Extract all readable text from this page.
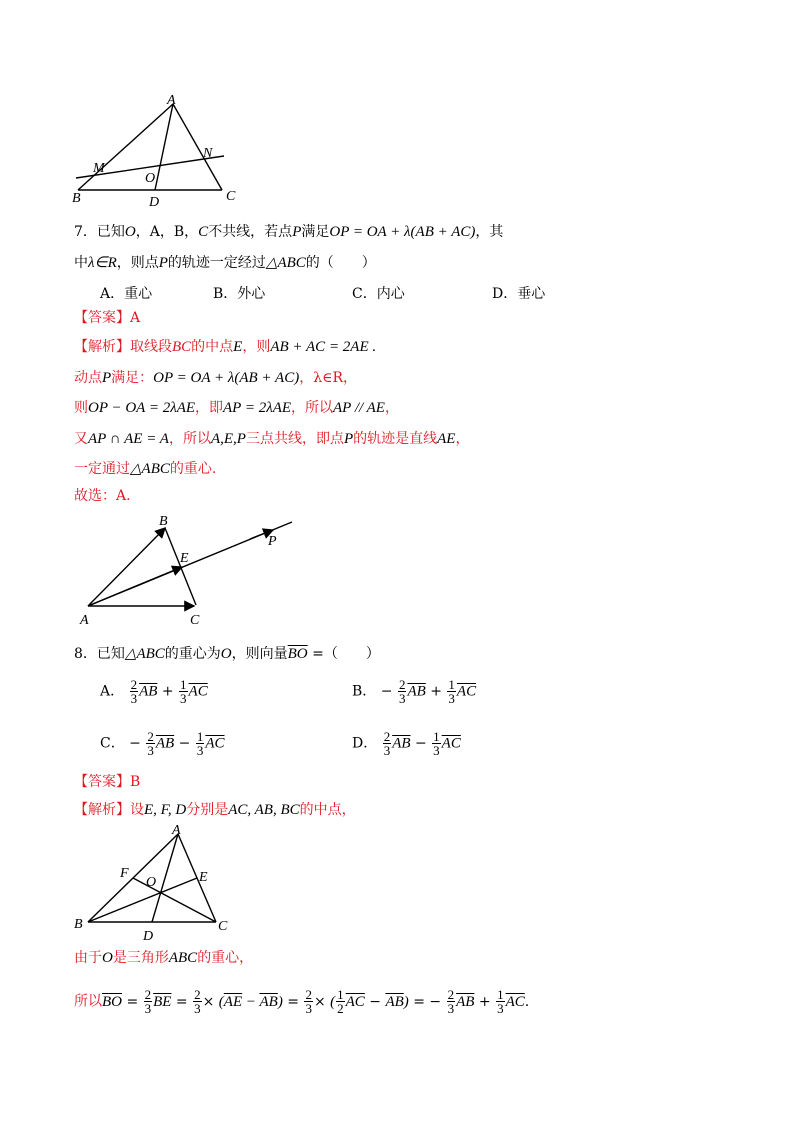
A
M
N
O
B	C
D
7．已知O，A，B，C不共线，若点P满足OP = OA + λ(AB + AC)，其
中λ∈R，则点P的轨迹一定经过△ABC的（　　）
A．重心	B．外心	C．内心	D．垂心
【答案】A
【解析】取线段BC的中点E，则AB + AC = 2AE .
动点P满足：OP = OA + λ(AB + AC)，λ∈R，
则OP − OA = 2λAE，即AP = 2λAE，所以AP // AE，
又AP ∩ AE = A，所以A,E,P三点共线，即点P的轨迹是直线AE，
一定通过△ABC的重心.
故选：A.
B
E
P
A	C
8．已知△ABC的重心为O，则向量$\overline{BO}$ =（　　）
A． $\frac{2}{3} \overline{AB} + \frac{1}{3} \overline{AC}$	B． − $\frac{2}{3} \overline{AB} + \frac{1}{3} \overline{AC}$
C． − $\frac{2}{3} \overline{AB} - \frac{1}{3} \overline{AC}$	D． $\frac{2}{3} \overline{AB} - \frac{1}{3} \overline{AC}$
【答案】B
【解析】设E, F, D分别是AC, AB, BC的中点，
A
F
O	E
B
D
C
由于O是三角形ABC的重心，
所以$\overline{BO} = \frac{2}{3} \overline{BE} = \frac{2}{3} \times (\overline{AE} - \overline{AB}) = \frac{2}{3}$ × ( $\frac{1}{2} \overline{AC} - \overline{AB}$) = − $\frac{2}{3} \overline{AB} + \frac{1}{3} \overline{AC}$.
